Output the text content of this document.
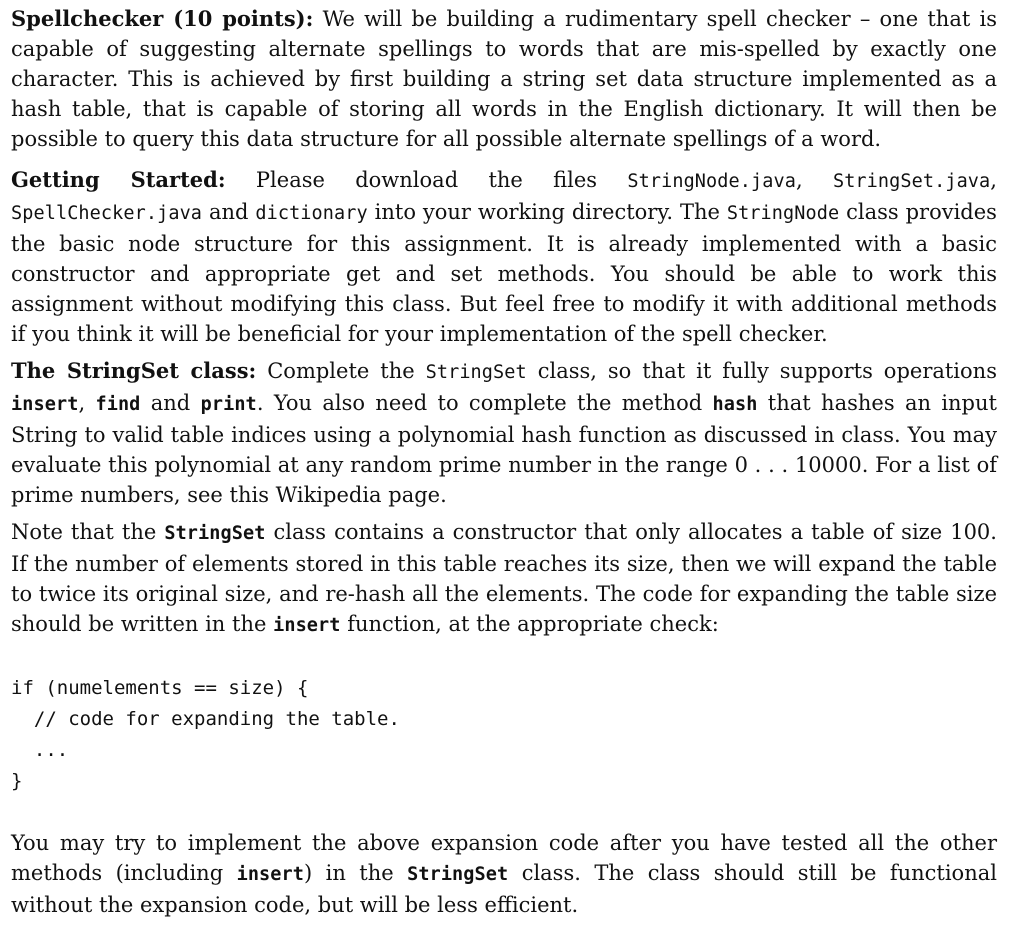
Spellchecker (10 points): We will be building a rudimentary spell checker – one that is capable of suggesting alternate spellings to words that are mis-spelled by exactly one character. This is achieved by first building a string set data structure implemented as a hash table, that is capable of storing all words in the English dictionary. It will then be possible to query this data structure for all possible alternate spellings of a word.

Getting Started: Please download the files StringNode.java, StringSet.java, SpellChecker.java and dictionary into your working directory. The StringNode class provides the basic node structure for this assignment. It is already implemented with a basic constructor and appropriate get and set methods. You should be able to work this assignment without modifying this class. But feel free to modify it with additional methods if you think it will be beneficial for your implementation of the spell checker.

The StringSet class: Complete the StringSet class, so that it fully supports operations insert, find and print. You also need to complete the method hash that hashes an input String to valid table indices using a polynomial hash function as discussed in class. You may evaluate this polynomial at any random prime number in the range 0 . . . 10000. For a list of prime numbers, see this Wikipedia page.

Note that the StringSet class contains a constructor that only allocates a table of size 100. If the number of elements stored in this table reaches its size, then we will expand the table to twice its original size, and re-hash all the elements. The code for expanding the table size should be written in the insert function, at the appropriate check:

if (numelements == size) {
// code for expanding the table.
...
}

You may try to implement the above expansion code after you have tested all the other methods (including insert) in the StringSet class. The class should still be functional without the expansion code, but will be less efficient.
